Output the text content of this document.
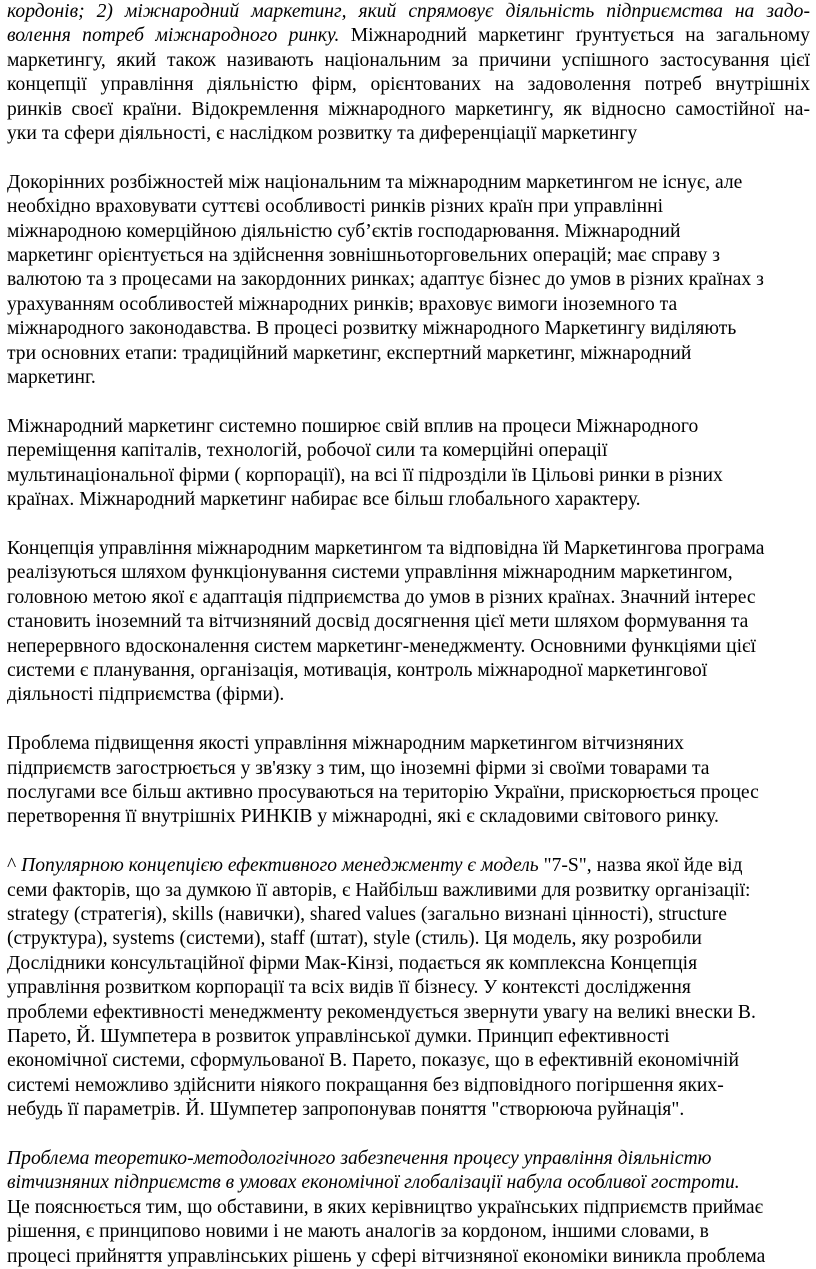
кордонів; 2) міжнародний маркетинг, який спрямовує діяльність підприємства на задо-
волення потреб міжнародного ринку. Міжнародний маркетинг ґрунтується на загальному
маркетингу, який також називають національним за причини успішного застосування цієї
концепції управління діяльністю фірм, орієнтованих на задоволення потреб внутрішніх
ринків своєї країни. Відокремлення міжнародного маркетингу, як відносно самостійної на-
уки та сфери діяльності, є наслідком розвитку та диференціації маркетингу
Докорінних розбіжностей між національним та міжнародним маркетингом не існує, але
необхідно враховувати суттєві особливості ринків різних країн при управлінні
міжнародною комерційною діяльністю суб’єктів господарювання. Міжнародний
маркетинг орієнтується на здійснення зовнішньоторговельних операцій; має справу з
валютою та з процесами на закордонних ринках; адаптує бізнес до умов в різних країнах з
урахуванням особливостей міжнародних ринків; враховує вимоги іноземного та
міжнародного законодавства. В процесі розвитку міжнародного Маркетингу виділяють
три основних етапи: традиційний маркетинг, експертний маркетинг, міжнародний
маркетинг.
Міжнародний маркетинг системно поширює свій вплив на процеси Міжнародного
переміщення капіталів, технологій, робочої сили та комерційні операції
мультинаціональної фірми ( корпорації), на всі її підрозділи їв Цільові ринки в різних
країнах. Міжнародний маркетинг набирає все більш глобального характеру.
Концепція управління міжнародним маркетингом та відповідна їй Маркетингова програма
реалізуються шляхом функціонування системи управління міжнародним маркетингом,
головною метою якої є адаптація підприємства до умов в різних країнах. Значний інтерес
становить іноземний та вітчизняний досвід досягнення цієї мети шляхом формування та
неперервного вдосконалення систем маркетинг-менеджменту. Основними функціями цієї
системи є планування, організація, мотивація, контроль міжнародної маркетингової
діяльності підприємства (фірми).
Проблема підвищення якості управління міжнародним маркетингом вітчизняних
підприємств загострюється у зв'язку з тим, що іноземні фірми зі своїми товарами та
послугами все більш активно просуваються на територію України, прискорюється процес
перетворення її внутрішніх РИНКІВ у міжнародні, які є складовими світового ринку.
^ Популярною концепцією ефективного менеджменту є модель "7-S", назва якої йде від
семи факторів, що за думкою її авторів, є Найбільш важливими для розвитку організації:
strategy (стратегія), skills (навички), shared values (загально визнані цінності), structure
(структура), systems (системи), staff (штат), style (стиль). Ця модель, яку розробили
Дослідники консультаційної фірми Мак-Кінзі, подається як комплексна Концепція
управління розвитком корпорації та всіх видів її бізнесу. У контексті дослідження
проблеми ефективності менеджменту рекомендується звернути увагу на великі внески В.
Парето, Й. Шумпетера в розвиток управлінської думки. Принцип ефективності
економічної системи, сформульованої В. Парето, показує, що в ефективній економічній
системі неможливо здійснити ніякого покращання без відповідного погіршення яких-
небудь її параметрів. Й. Шумпетер запропонував поняття "створююча руйнація".
Проблема теоретико-методологічного забезпечення процесу управління діяльністю
вітчизняних підприємств в умовах економічної глобалізації набула особливої гостроти.
Це пояснюється тим, що обставини, в яких керівництво українських підприємств приймає
рішення, є принципово новими і не мають аналогів за кордоном, іншими словами, в
процесі прийняття управлінських рішень у сфері вітчизняної економіки виникла проблема
